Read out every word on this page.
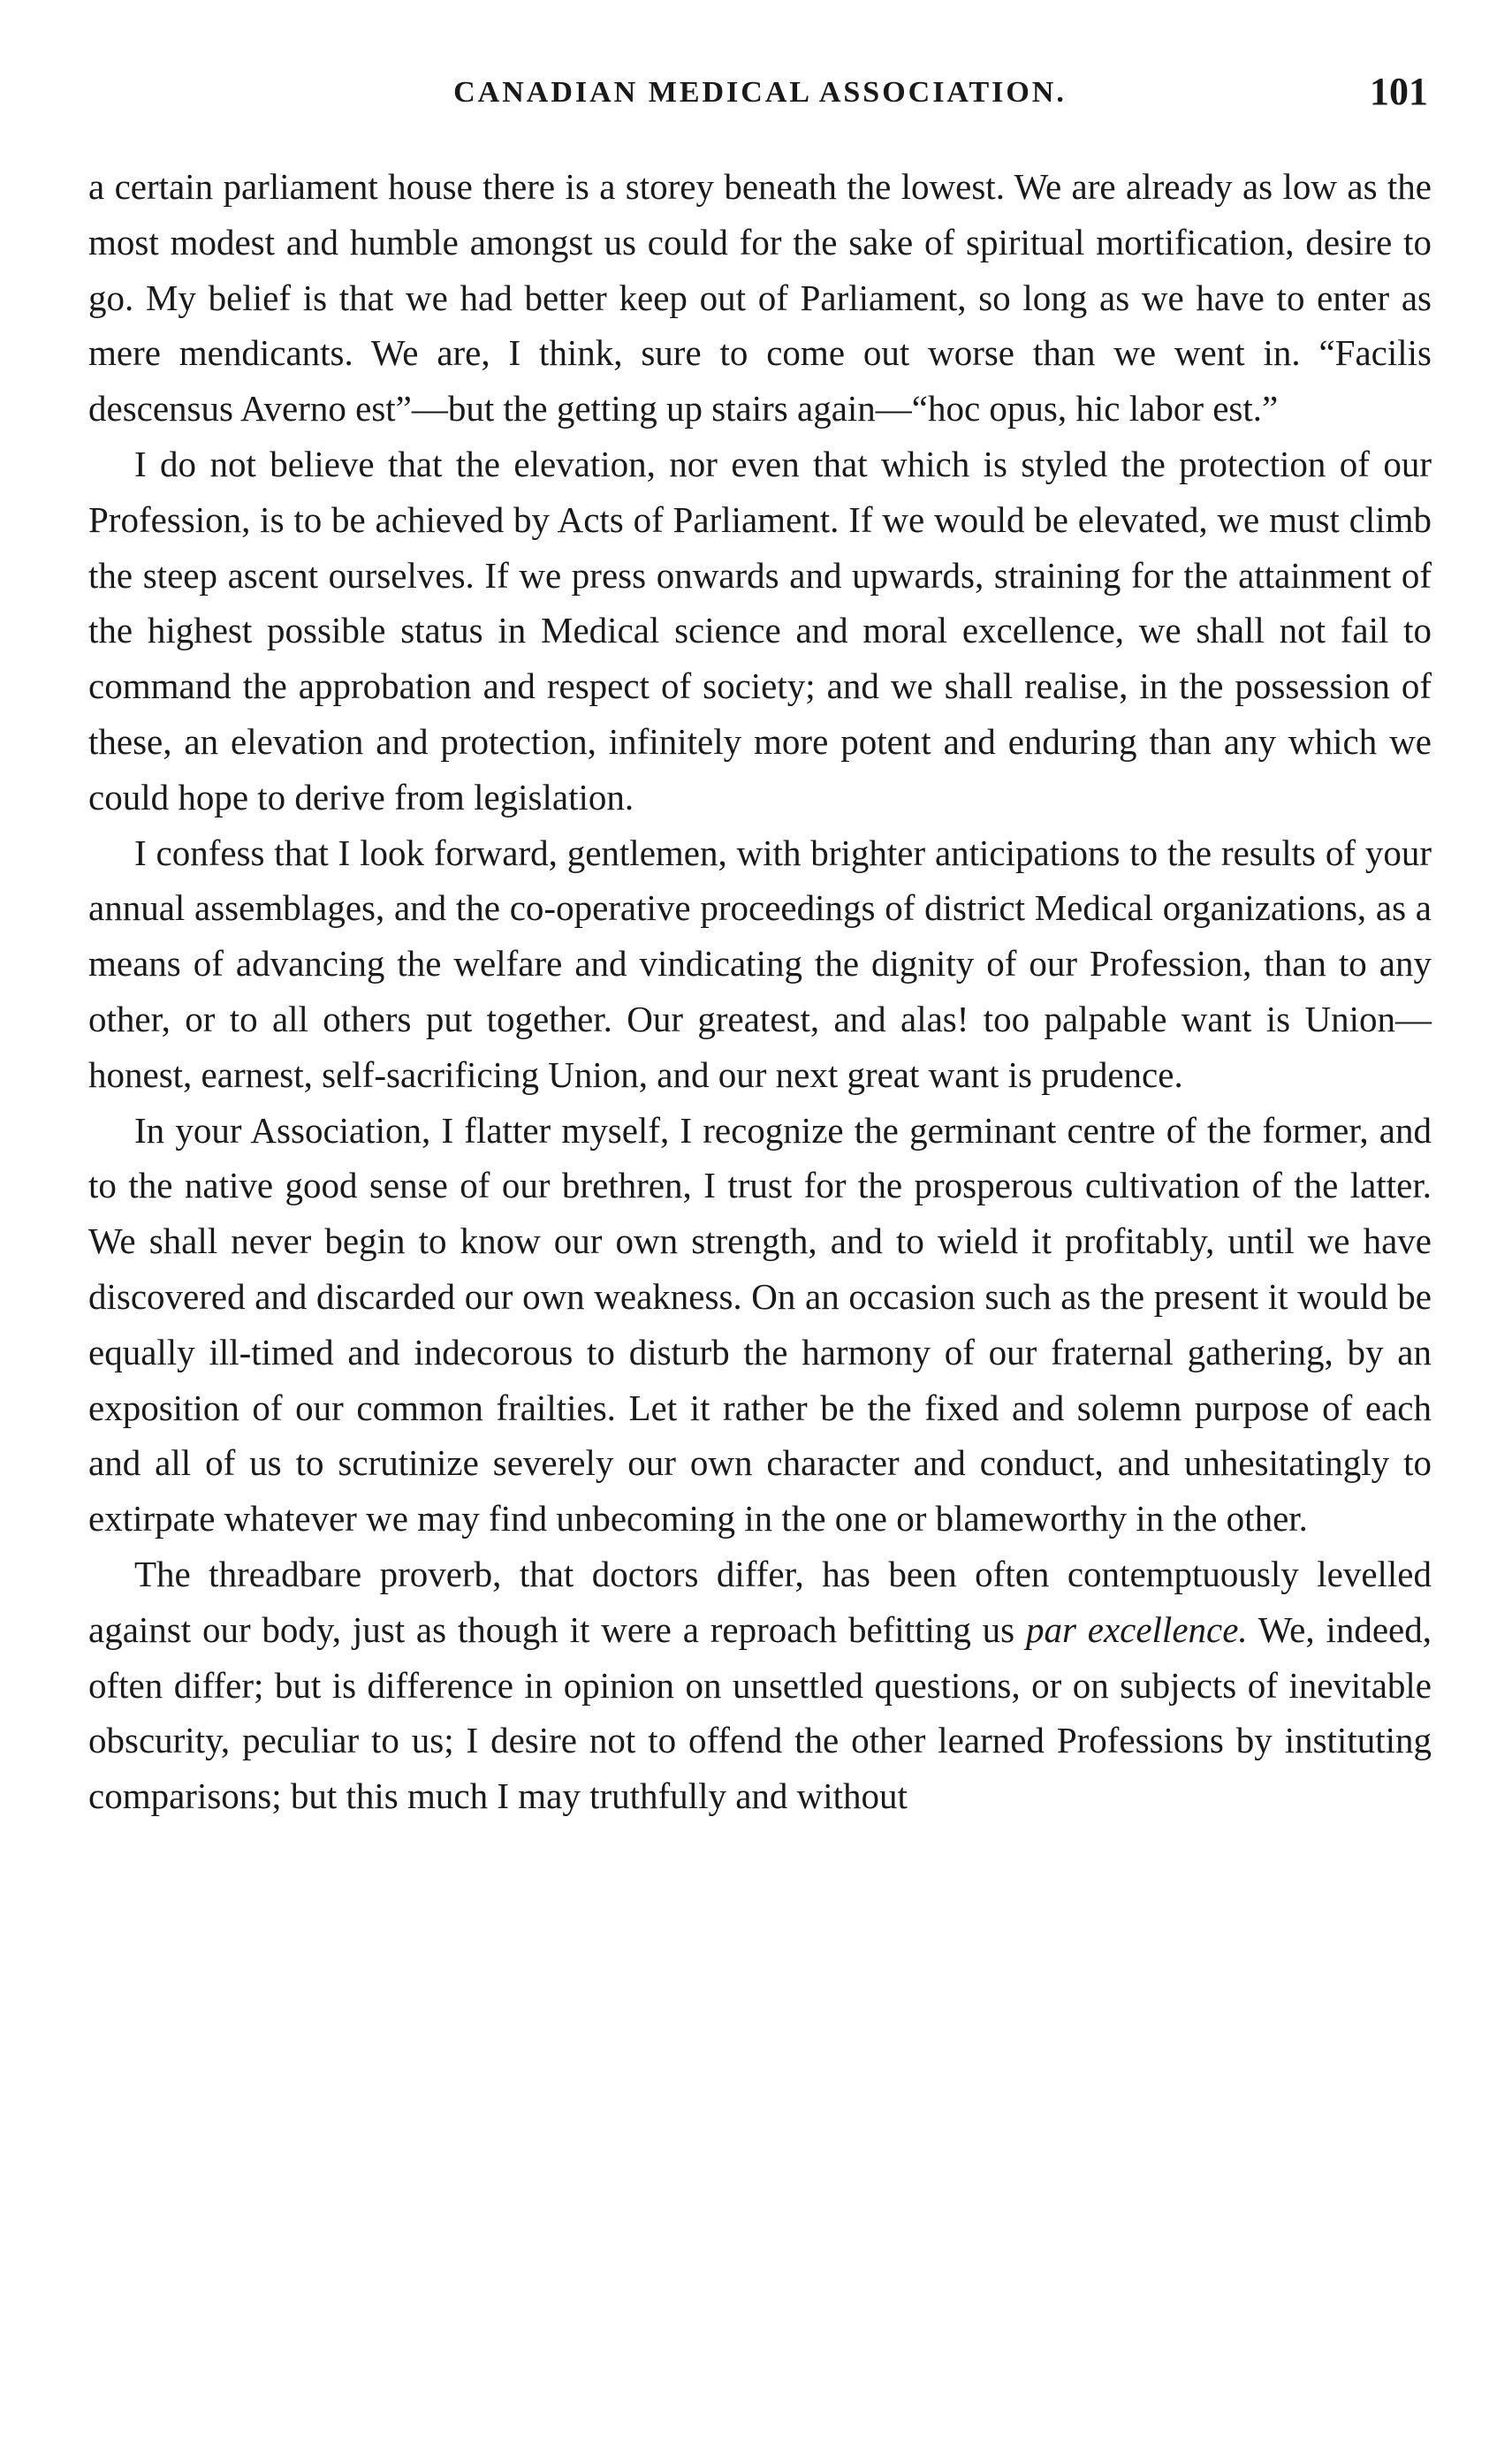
CANADIAN MEDICAL ASSOCIATION.	101

a certain parliament house there is a storey beneath the lowest. We are already as low as the most modest and humble amongst us could for the sake of spiritual mortification, desire to go. My belief is that we had better keep out of Parliament, so long as we have to enter as mere mendicants. We are, I think, sure to come out worse than we went in. “Facilis descensus Averno est”—but the getting up stairs again—“hoc opus, hic labor est.”

I do not believe that the elevation, nor even that which is styled the protection of our Profession, is to be achieved by Acts of Parliament. If we would be elevated, we must climb the steep ascent ourselves. If we press onwards and upwards, straining for the attainment of the highest possible status in Medical science and moral excellence, we shall not fail to command the approbation and respect of society; and we shall realise, in the possession of these, an elevation and protection, infinitely more potent and enduring than any which we could hope to derive from legislation.

I confess that I look forward, gentlemen, with brighter anticipations to the results of your annual assemblages, and the co-operative proceedings of district Medical organizations, as a means of advancing the welfare and vindicating the dignity of our Profession, than to any other, or to all others put together. Our greatest, and alas! too palpable want is Union—honest, earnest, self-sacrificing Union, and our next great want is prudence.

In your Association, I flatter myself, I recognize the germinant centre of the former, and to the native good sense of our brethren, I trust for the prosperous cultivation of the latter. We shall never begin to know our own strength, and to wield it profitably, until we have discovered and discarded our own weakness. On an occasion such as the present it would be equally ill-timed and indecorous to disturb the harmony of our fraternal gathering, by an exposition of our common frailties. Let it rather be the fixed and solemn purpose of each and all of us to scrutinize severely our own character and conduct, and unhesitatingly to extirpate whatever we may find unbecoming in the one or blameworthy in the other.

The threadbare proverb, that doctors differ, has been often contemptuously levelled against our body, just as though it were a reproach befitting us par excellence. We, indeed, often differ; but is difference in opinion on unsettled questions, or on subjects of inevitable obscurity, peculiar to us; I desire not to offend the other learned Professions by instituting comparisons; but this much I may truthfully and without
